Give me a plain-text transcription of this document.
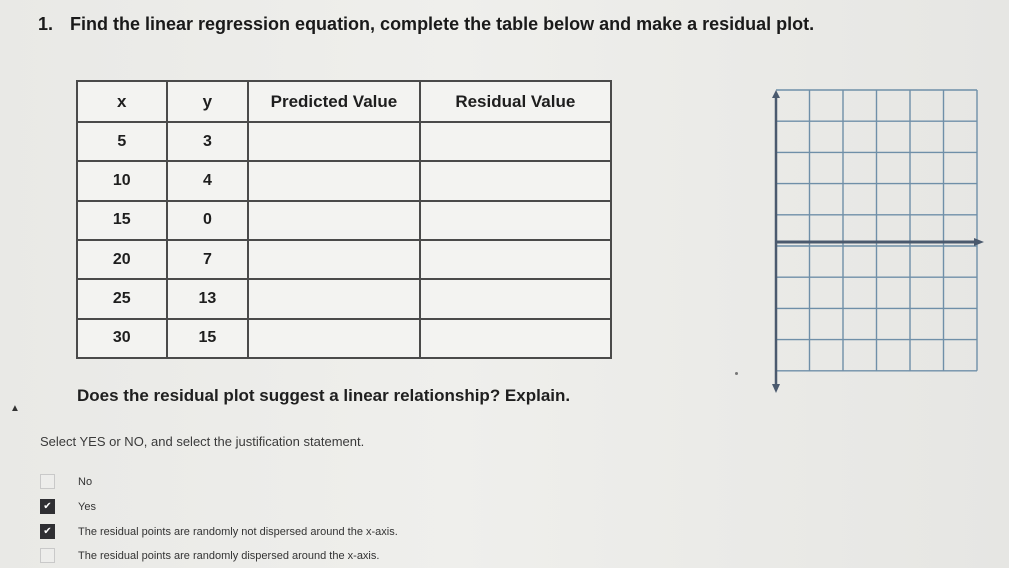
1. Find the linear regression equation, complete the table below and make a residual plot.
x	y	Predicted Value	Residual Value
5	3		
10	4		
15	0		
20	7		
25	13		
30	15		
Does the residual plot suggest a linear relationship? Explain.
▲
Select YES or NO, and select the justification statement.
No
✔ Yes
✔ The residual points are randomly not dispersed around the x-axis.
The residual points are randomly dispersed around the x-axis.
